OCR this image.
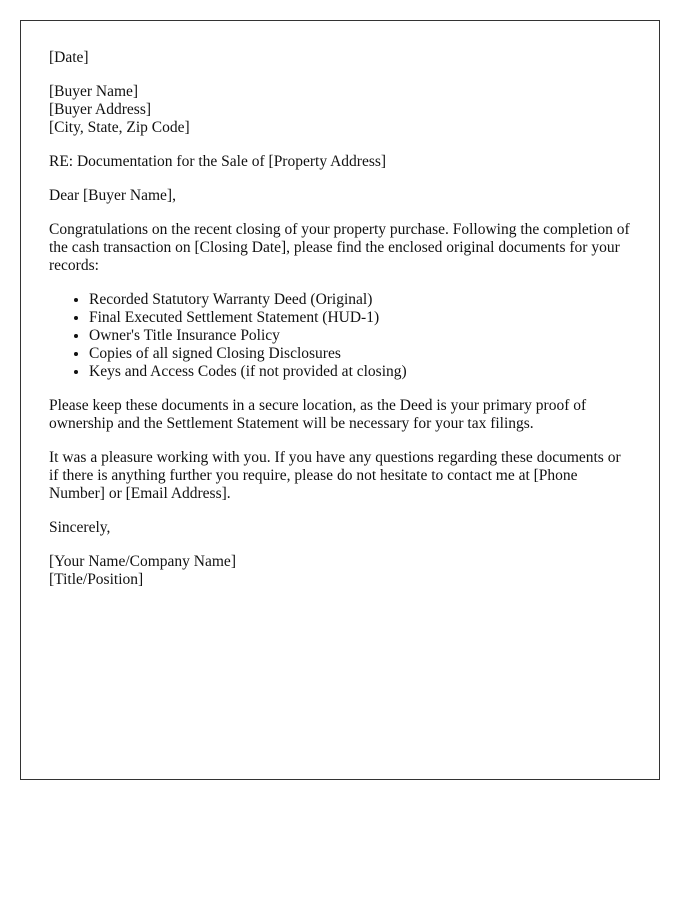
[Date]
[Buyer Name]
[Buyer Address]
[City, State, Zip Code]
RE: Documentation for the Sale of [Property Address]
Dear [Buyer Name],
Congratulations on the recent closing of your property purchase. Following the completion of the cash transaction on [Closing Date], please find the enclosed original documents for your records:
• Recorded Statutory Warranty Deed (Original)
• Final Executed Settlement Statement (HUD-1)
• Owner's Title Insurance Policy
• Copies of all signed Closing Disclosures
• Keys and Access Codes (if not provided at closing)
Please keep these documents in a secure location, as the Deed is your primary proof of ownership and the Settlement Statement will be necessary for your tax filings.
It was a pleasure working with you. If you have any questions regarding these documents or if there is anything further you require, please do not hesitate to contact me at [Phone Number] or [Email Address].
Sincerely,
[Your Name/Company Name]
[Title/Position]
